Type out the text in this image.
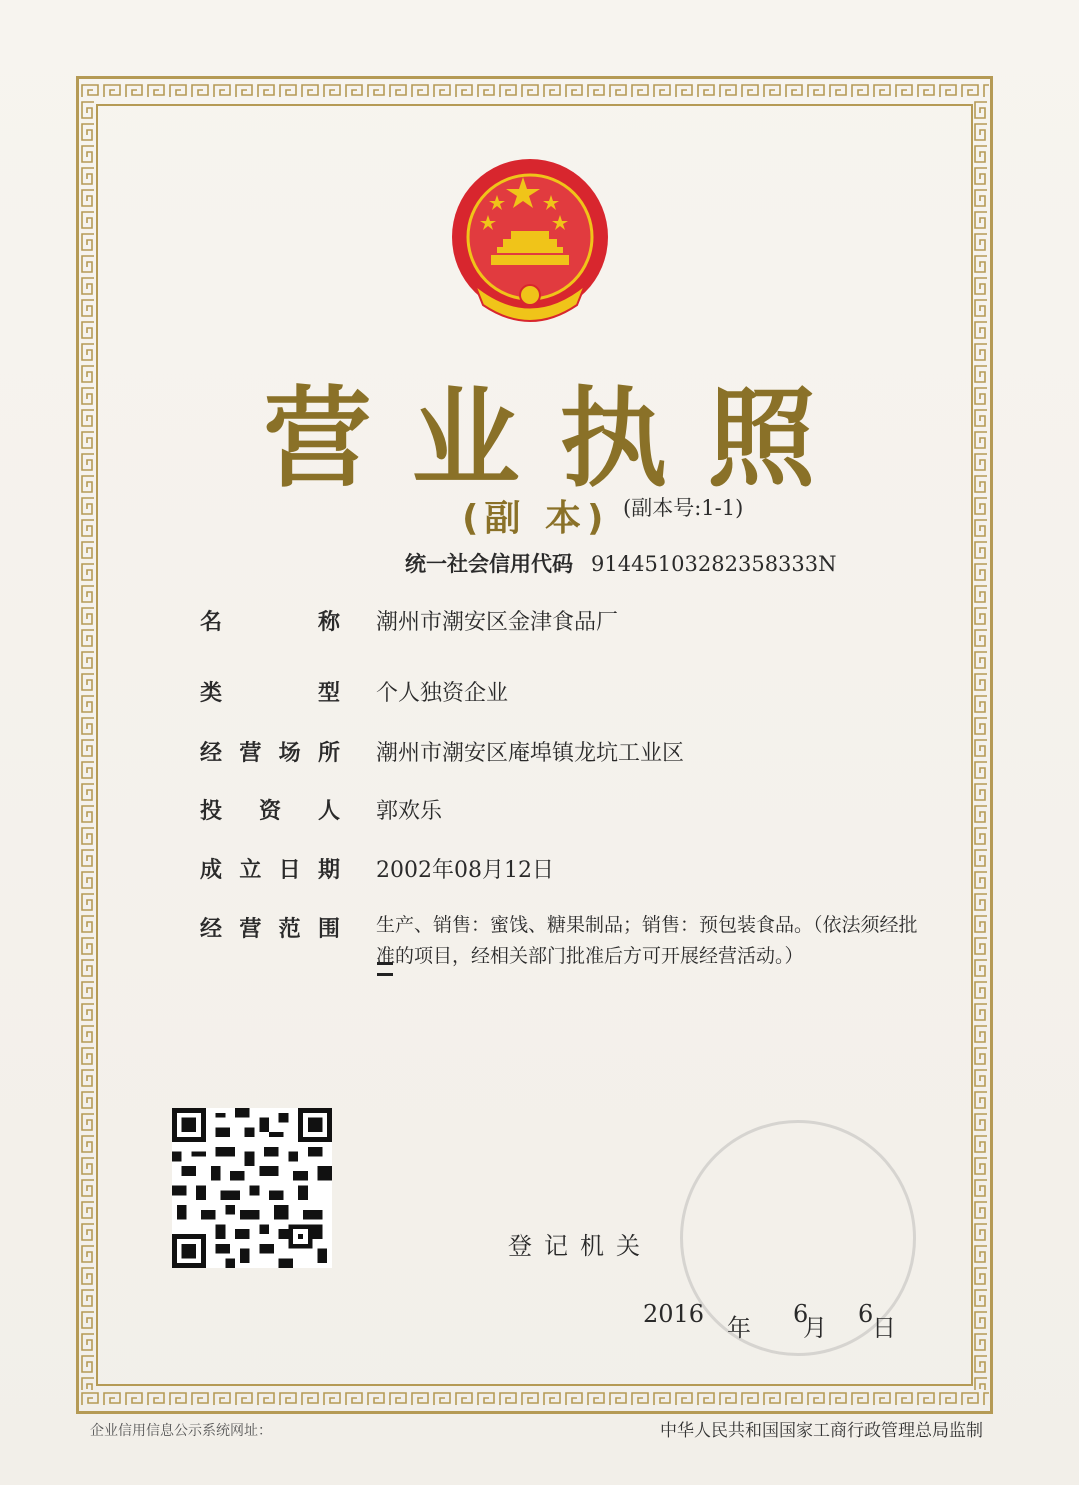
营业执照
(副 本) (副本号:1-1)
统一社会信用代码 91445103282358333N
名称 潮州市潮安区金津食品厂
类型 个人独资企业
经营场所 潮州市潮安区庵埠镇龙坑工业区
投资人 郭欢乐
成立日期 2002年08月12日
经营范围 生产、销售：蜜饯、糖果制品；销售：预包装食品。（依法须经批准的项目，经相关部门批准后方可开展经营活动。）
登记机关
2016 年 6
月 6
日
企业信用信息公示系统网址：	中华人民共和国国家工商行政管理总局监制
